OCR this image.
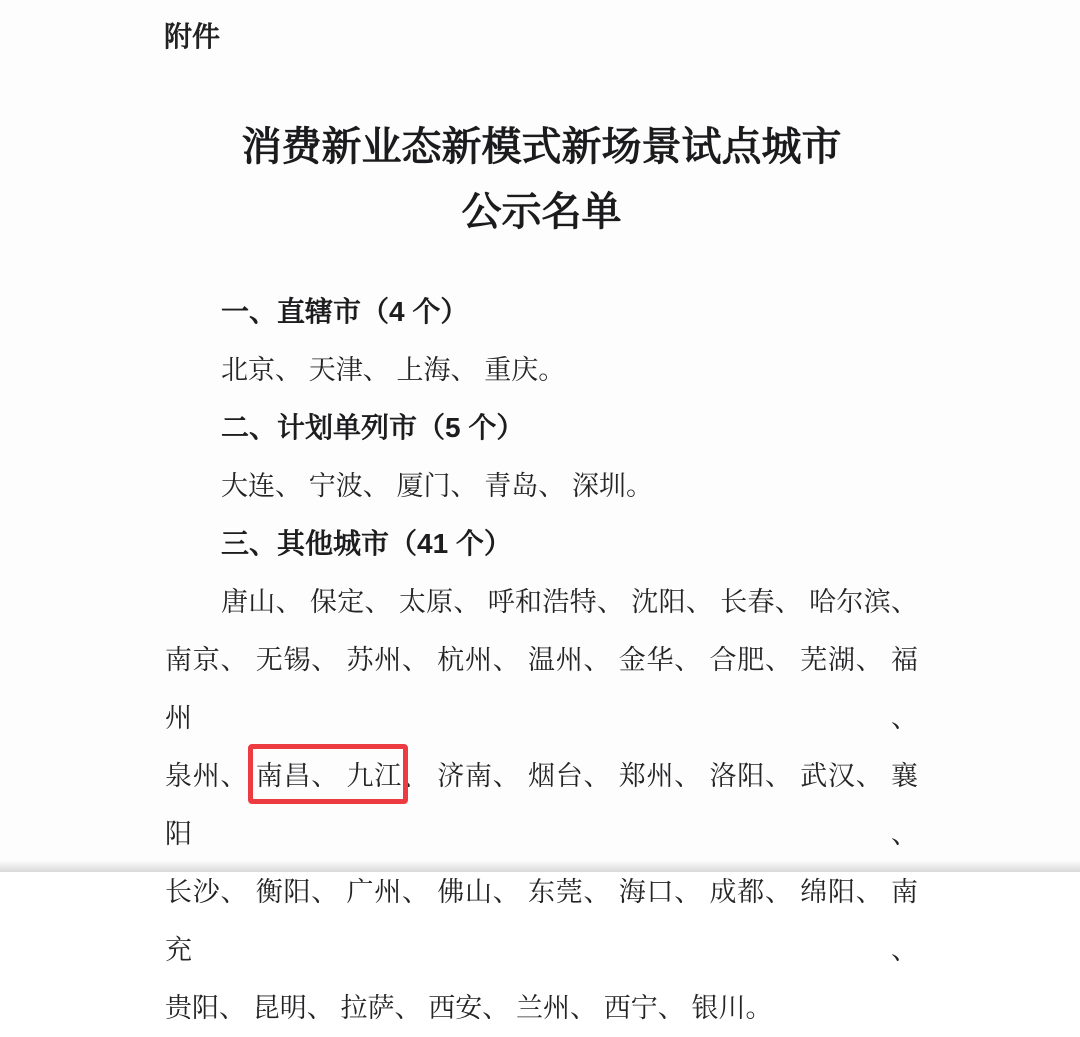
附件
消费新业态新模式新场景试点城市
公示名单
一、直辖市（4 个）
北京、 天津、 上海、 重庆。
二、计划单列市（5 个）
大连、 宁波、 厦门、 青岛、 深圳。
三、其他城市（41 个）
唐山、 保定、 太原、 呼和浩特、 沈阳、 长春、 哈尔滨、
南京、 无锡、 苏州、 杭州、 温州、 金华、 合肥、 芜湖、 福州、
泉州、 南昌、 九江、 济南、 烟台、 郑州、 洛阳、 武汉、 襄阳、
长沙、 衡阳、 广州、 佛山、 东莞、 海口、 成都、 绵阳、 南充、
贵阳、 昆明、 拉萨、 西安、 兰州、 西宁、 银川。
